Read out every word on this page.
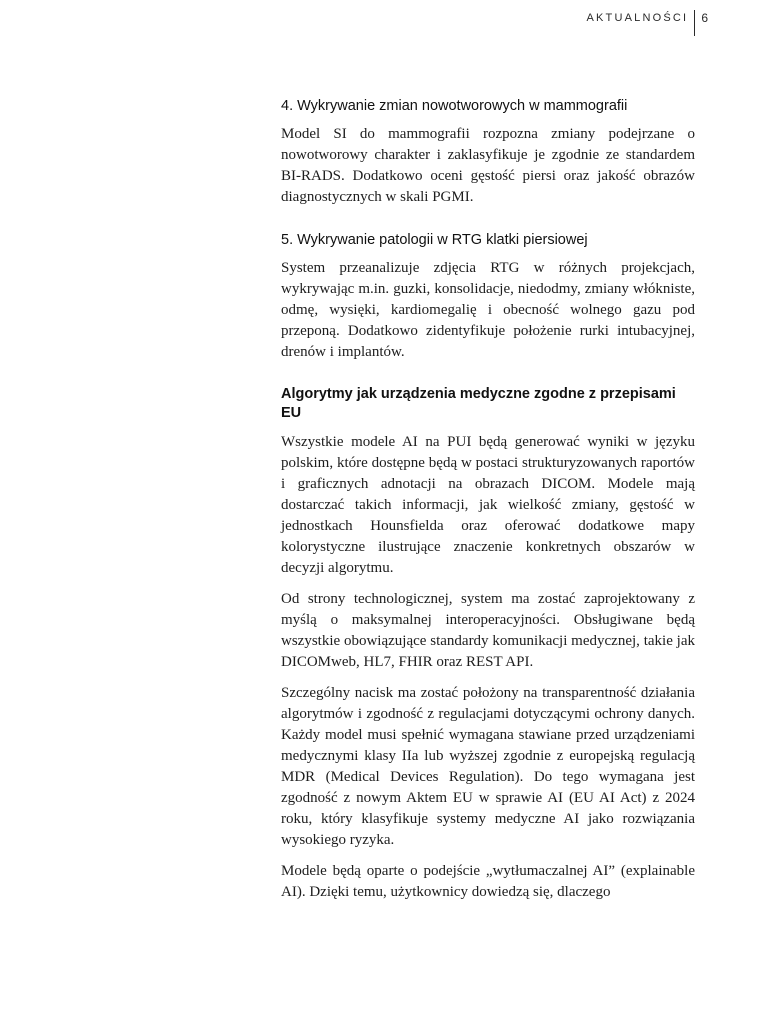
AKTUALNOŚCI	6
4. Wykrywanie zmian nowotworowych w mammografii

Model SI do mammografii rozpozna zmiany podejrzane o nowotworowy charakter i zaklasyfikuje je zgodnie ze standardem BI-RADS. Dodatkowo oceni gęstość piersi oraz jakość obrazów diagnostycznych w skali PGMI.

5. Wykrywanie patologii w RTG klatki piersiowej

System przeanalizuje zdjęcia RTG w różnych projekcjach, wykrywając m.in. guzki, konsolidacje, niedodmy, zmiany włókniste, odmę, wysięki, kardiomegalię i obecność wolnego gazu pod przeponą. Dodatkowo zidentyfikuje położenie rurki intubacyjnej, drenów i implantów.

Algorytmy jak urządzenia medyczne zgodne z przepisami EU

Wszystkie modele AI na PUI będą generować wyniki w języku polskim, które dostępne będą w postaci strukturyzowanych raportów i graficznych adnotacji na obrazach DICOM. Modele mają dostarczać takich informacji, jak wielkość zmiany, gęstość w jednostkach Hounsfielda oraz oferować dodatkowe mapy kolorystyczne ilustrujące znaczenie konkretnych obszarów w decyzji algorytmu.

Od strony technologicznej, system ma zostać zaprojektowany z myślą o maksymalnej interoperacyjności. Obsługiwane będą wszystkie obowiązujące standardy komunikacji medycznej, takie jak DICOMweb, HL7, FHIR oraz REST API.

Szczególny nacisk ma zostać położony na transparentność działania algorytmów i zgodność z regulacjami dotyczącymi ochrony danych. Każdy model musi spełnić wymagana stawiane przed urządzeniami medycznymi klasy IIa lub wyższej zgodnie z europejską regulacją MDR (Medical Devices Regulation). Do tego wymagana jest zgodność z nowym Aktem EU w sprawie AI (EU AI Act) z 2024 roku, który klasyfikuje systemy medyczne AI jako rozwiązania wysokiego ryzyka.

Modele będą oparte o podejście „wytłumaczalnej AI” (explainable AI). Dzięki temu, użytkownicy dowiedzą się, dlaczego
